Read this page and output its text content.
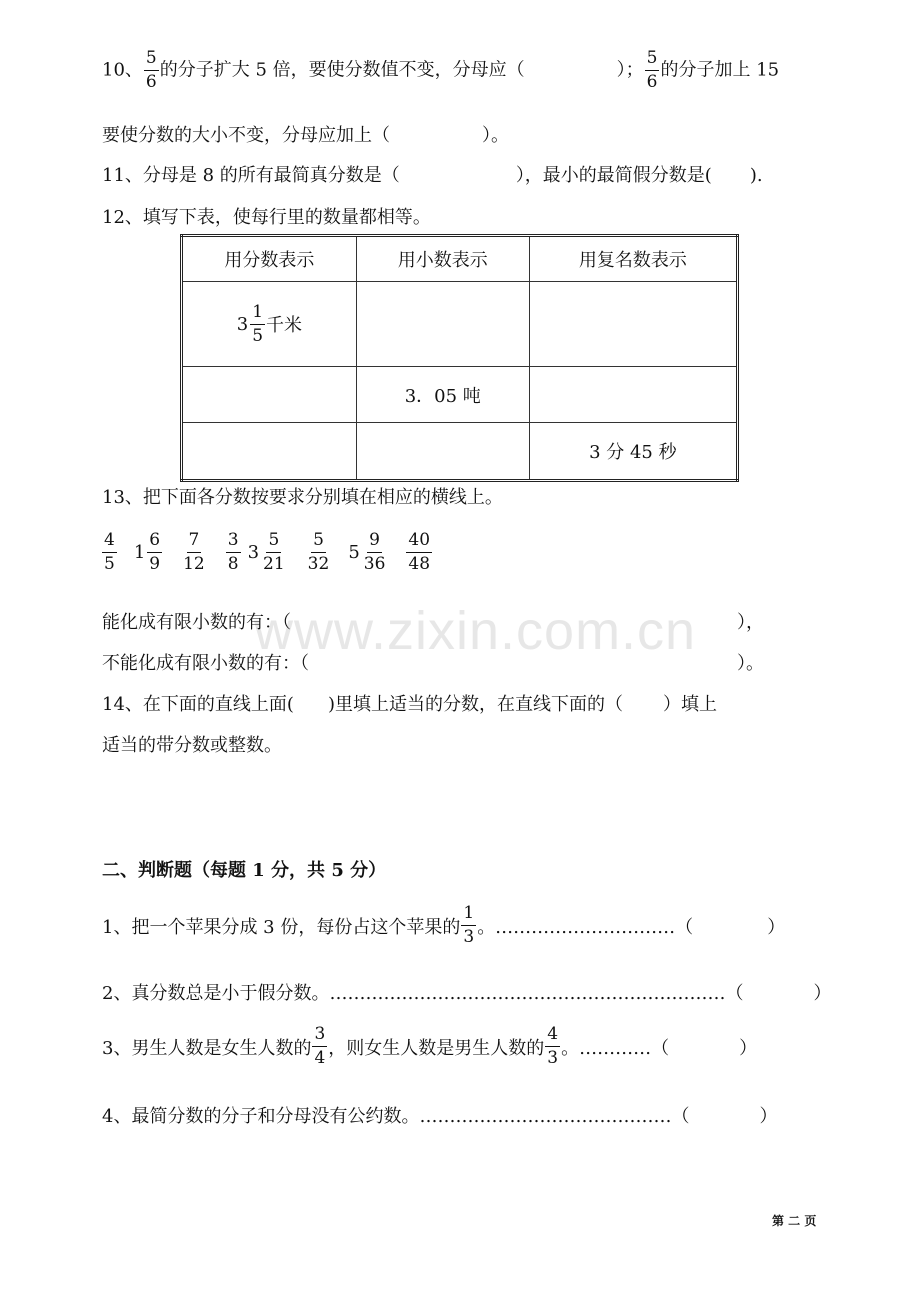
10、 $\frac{5}{6}$ 的分子扩大 5 倍，要使分数值不变，分母应（	）； $\frac{5}{6}$ 的分子加上 15
要使分数的大小不变，分母应加上（	）。
11、分母是 8 的所有最简真分数是（	），最小的最简假分数是( ).
12、填写下表，使每行里的数量都相等。
用分数表示	用小数表示	用复名数表示

$3 \frac{1}{5}$ 千米		

	3．05 吨	
		3 分 45 秒
13、把下面各分数按要求分别填在相应的横线上。
$\frac{4}{5} 1 \frac{6}{9} \frac{7}{12} \frac{3}{8} 3 \frac{5}{21} \frac{5}{32} 5 \frac{9}{36} \frac{40}{48}$
www.zixin.com.cn
能化成有限小数的有：（	），
不能化成有限小数的有：（	）。
14、在下面的直线上面( )里填上适当的分数，在直线下面的（ ）填上
适当的带分数或整数。
二、判断题（每题 1 分，共 5 分）
1、把一个苹果分成 3 份，每份占这个苹果的 $\frac{1}{3}$ 。…………………………（	）
2、真分数总是小于假分数。…………………………………………………………（	）
3、男生人数是女生人数的 $\frac{3}{4}$ ，则女生人数是男生人数的 $\frac{4}{3}$ 。…………（	）
4、最简分数的分子和分母没有公约数。……………………………………（	）
第 二 页
